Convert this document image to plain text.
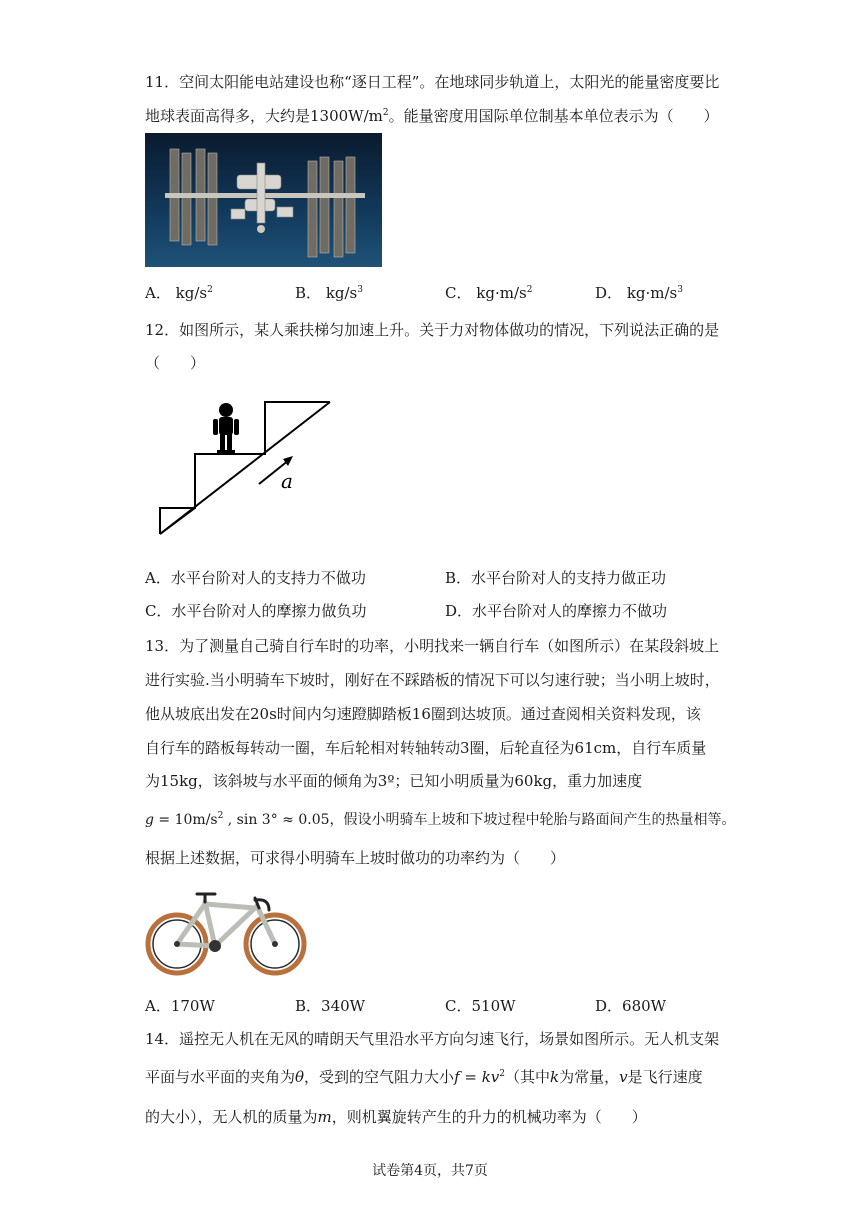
11．空间太阳能电站建设也称“逐日工程”。在地球同步轨道上，太阳光的能量密度要比
地球表面高得多，大约是$1300W/m^2$。能量密度用国际单位制基本单位表示为（　　）
A． $kg/s^2$	B． $kg/s^3$	C． $kg\cdot m/s^2$	D． $kg\cdot m/s^3$
12．如图所示，某人乘扶梯匀加速上升。关于力对物体做功的情况，下列说法正确的是
（　　）
a
A．水平台阶对人的支持力不做功	B．水平台阶对人的支持力做正功
C．水平台阶对人的摩擦力做负功	D．水平台阶对人的摩擦力不做功
13．为了测量自己骑自行车时的功率，小明找来一辆自行车（如图所示）在某段斜坡上
进行实验.当小明骑车下坡时，刚好在不踩踏板的情况下可以匀速行驶；当小明上坡时，
他从坡底出发在20s时间内匀速蹬脚踏板16圈到达坡顶。通过查阅相关资料发现，该
自行车的踏板每转动一圈，车后轮相对转轴转动3圈，后轮直径为61cm，自行车质量
为15kg，该斜坡与水平面的倾角为3º；已知小明质量为60kg，重力加速度
$g = 10m/s^2$ , sin 3° ≈ 0.05，假设小明骑车上坡和下坡过程中轮胎与路面间产生的热量相等。
根据上述数据，可求得小明骑车上坡时做功的功率约为（　　）
A．170W	B．340W	C．510W	D．680W
14．遥控无人机在无风的晴朗天气里沿水平方向匀速飞行，场景如图所示。无人机支架
平面与水平面的夹角为θ，受到的空气阻力大小$f = kv^2$（其中k为常量，v是飞行速度
的大小），无人机的质量为m，则机翼旋转产生的升力的机械功率为（　　）
试卷第4页，共7页
